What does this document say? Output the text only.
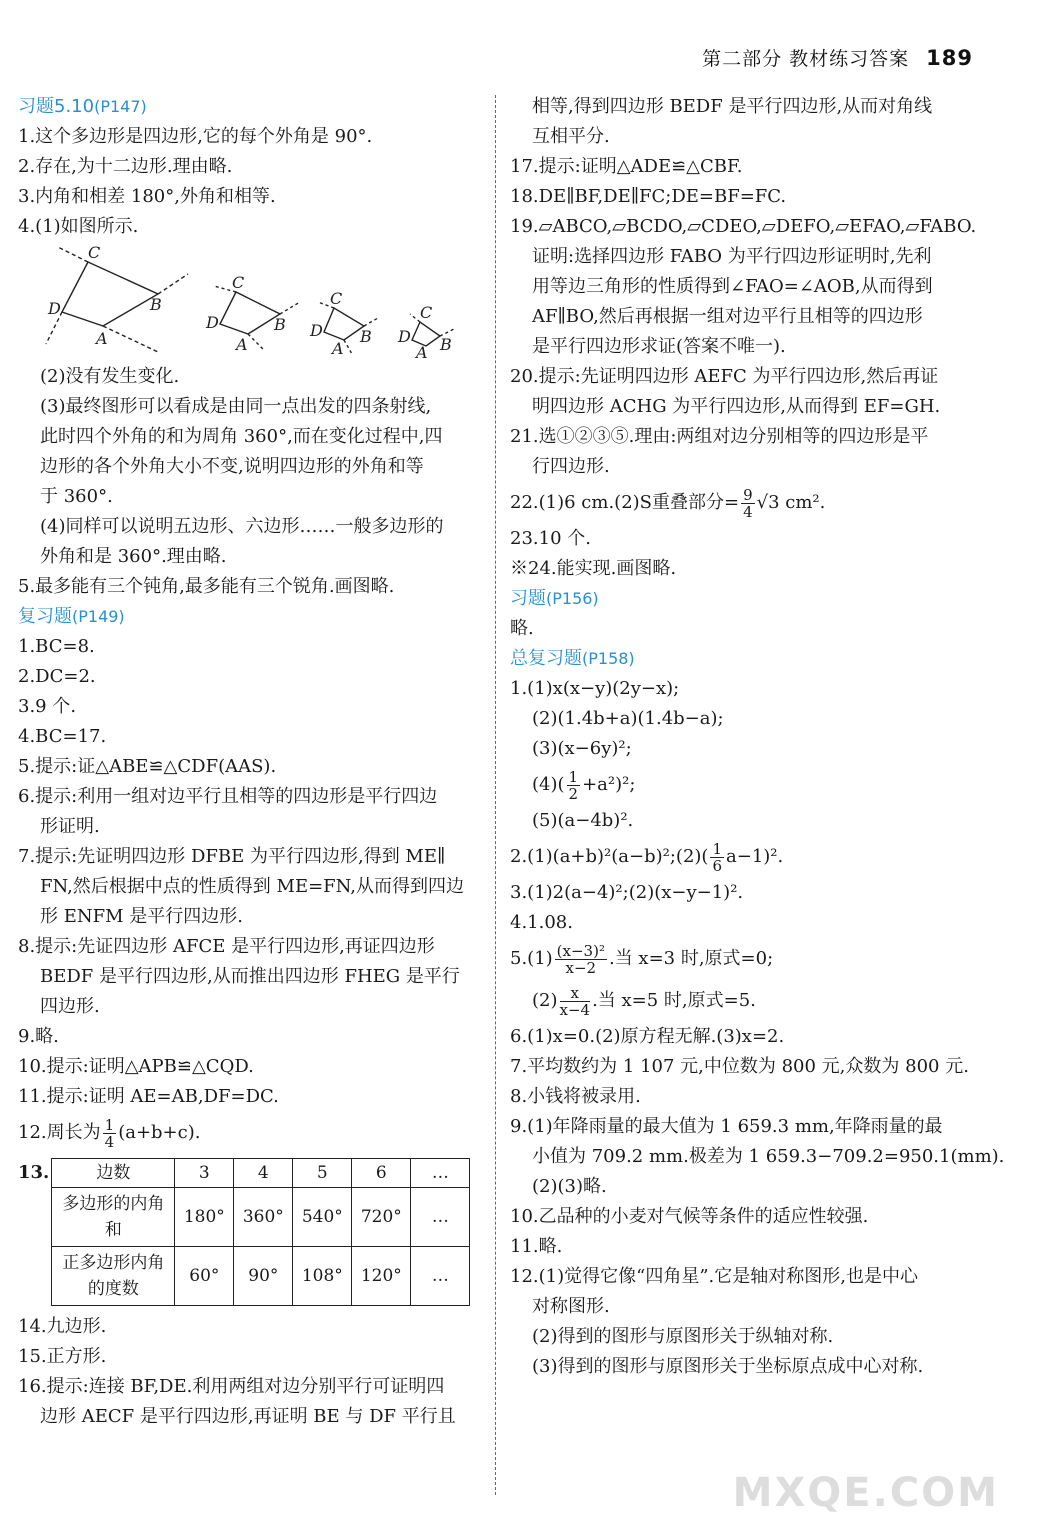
第二部分 教材练习答案 189
习题5.10(P147)
1.这个多边形是四边形,它的每个外角是 90°.
2.存在,为十二边形.理由略.
3.内角和相差 180°,外角和相等.
4.(1)如图所示.
C
D	B
A
C
D	B
A
C
D B
A
C
D B
A
(2)没有发生变化.
(3)最终图形可以看成是由同一点出发的四条射线,
此时四个外角的和为周角 360°,而在变化过程中,四
边形的各个外角大小不变,说明四边形的外角和等
于 360°.
(4)同样可以说明五边形、六边形……一般多边形的
外角和是 360°.理由略.
5.最多能有三个钝角,最多能有三个锐角.画图略.
复习题(P149)
1.BC=8.
2.DC=2.
3.9 个.
4.BC=17.
5.提示:证△ABE≌△CDF(AAS).
6.提示:利用一组对边平行且相等的四边形是平行四边
形证明.
7.提示:先证明四边形 DFBE 为平行四边形,得到 ME∥
FN,然后根据中点的性质得到 ME=FN,从而得到四边
形 ENFM 是平行四边形.
8.提示:先证四边形 AFCE 是平行四边形,再证四边形
BEDF 是平行四边形,从而推出四边形 FHEG 是平行
四边形.
9.略.
10.提示:证明△APB≌△CQD.
11.提示:证明 AE=AB,DF=DC.
12.周长为 $\frac{1}{4} (a+b+c)$.
13.	边数	3	4	5	6	…
多边形的内角和	180°	360°	540°	720°	…
正多边形内角的度数	60°	90°	108°	120°	…
14.九边形.
15.正方形.
16.提示:连接 BF,DE.利用两组对边分别平行可证明四
边形 AECF 是平行四边形,再证明 BE 与 DF 平行且
相等,得到四边形 BEDF 是平行四边形,从而对角线
互相平分.
17.提示:证明△ADE≌△CBF.
18.DE∥BF,DE∥FC;DE=BF=FC.
19.▱ABCO,▱BCDO,▱CDEO,▱DEFO,▱EFAO,▱FABO.
证明:选择四边形 FABO 为平行四边形证明时,先利
用等边三角形的性质得到∠FAO=∠AOB,从而得到
AF∥BO,然后再根据一组对边平行且相等的四边形
是平行四边形求证(答案不唯一).
20.提示:先证明四边形 AEFC 为平行四边形,然后再证
明四边形 ACHG 为平行四边形,从而得到 EF=GH.
21.选①②③⑤.理由:两组对边分别相等的四边形是平
行四边形.
22.(1)6 cm.(2)S重叠部分= $\frac{9}{4} √3$ cm².
23.10 个.
※24.能实现.画图略.
习题(P156)
略.
总复习题(P158)
1.(1)x(x−y)(2y−x);
(2)(1.4b+a)(1.4b−a);
(3)(x−6y)²;
$(4)( \frac{1}{2} +a^2)^2$;
(5)(a−4b)².
2.(1)(a+b)²(a−b)²;(2)( $\frac{1}{6} a-1)^2$.
3.(1)2(a−4)²;(2)(x−y−1)².
4.1.08.
$5.(1) \frac{\text{(x−3)²}}{x-2}$ .当 x=3 时,原式=0;
$(2) \frac{x}{x-4}$ .当 x=5 时,原式=5.
6.(1)x=0.(2)原方程无解.(3)x=2.
7.平均数约为 1 107 元,中位数为 800 元,众数为 800 元.
8.小钱将被录用.
9.(1)年降雨量的最大值为 1 659.3 mm,年降雨量的最
小值为 709.2 mm.极差为 1 659.3−709.2=950.1(mm).
(2)(3)略.
10.乙品种的小麦对气候等条件的适应性较强.
11.略.
12.(1)觉得它像“四角星”.它是轴对称图形,也是中心
对称图形.
(2)得到的图形与原图形关于纵轴对称.
(3)得到的图形与原图形关于坐标原点成中心对称.
MXQE.COM
